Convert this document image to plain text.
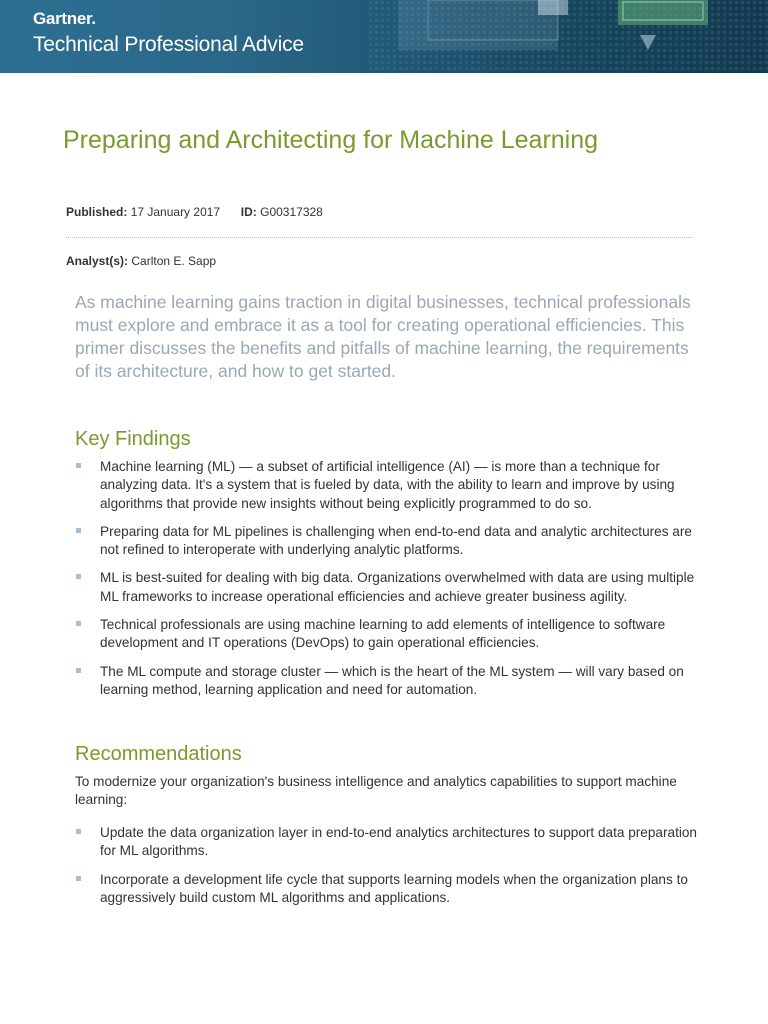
Gartner.
Technical Professional Advice
Preparing and Architecting for Machine Learning
Published: 17 January 2017 ID: G00317328
Analyst(s): Carlton E. Sapp

As machine learning gains traction in digital businesses, technical professionals must explore and embrace it as a tool for creating operational efficiencies. This primer discusses the benefits and pitfalls of machine learning, the requirements of its architecture, and how to get started.

Key Findings
Machine learning (ML) — a subset of artificial intelligence (AI) — is more than a technique for analyzing data. It's a system that is fueled by data, with the ability to learn and improve by using algorithms that provide new insights without being explicitly programmed to do so.
Preparing data for ML pipelines is challenging when end-to-end data and analytic architectures are not refined to interoperate with underlying analytic platforms.
ML is best-suited for dealing with big data. Organizations overwhelmed with data are using multiple ML frameworks to increase operational efficiencies and achieve greater business agility.
Technical professionals are using machine learning to add elements of intelligence to software development and IT operations (DevOps) to gain operational efficiencies.
The ML compute and storage cluster — which is the heart of the ML system — will vary based on learning method, learning application and need for automation.
Recommendations

To modernize your organization's business intelligence and analytics capabilities to support machine learning:

Update the data organization layer in end-to-end analytics architectures to support data preparation for ML algorithms.
Incorporate a development life cycle that supports learning models when the organization plans to aggressively build custom ML algorithms and applications.
